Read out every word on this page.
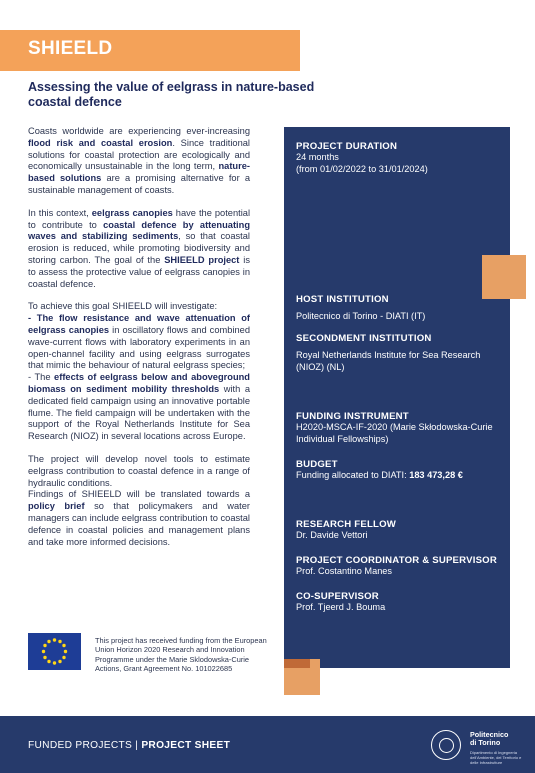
SHIEELD
Assessing the value of eelgrass in nature-based coastal defence

Coasts worldwide are experiencing ever-increasing flood risk and coastal erosion. Since traditional solutions for coastal protection are ecologically and economically unsustainable in the long term, nature-based solutions are a promising alternative for a sustainable management of coasts.

In this context, eelgrass canopies have the potential to contribute to coastal defence by attenuating waves and stabilizing sediments, so that coastal erosion is reduced, while promoting biodiversity and storing carbon. The goal of the SHIEELD project is to assess the protective value of eelgrass canopies in coastal defence.

To achieve this goal SHIEELD will investigate:

- The flow resistance and wave attenuation of eelgrass canopies in oscillatory flows and combined wave-current flows with laboratory experiments in an open-channel facility and using eelgrass surrogates that mimic the behaviour of natural eelgrass species;

- The effects of eelgrass below and aboveground biomass on sediment mobility thresholds with a dedicated field campaign using an innovative portable flume. The field campaign will be undertaken with the support of the Royal Netherlands Institute for Sea Research (NIOZ) in several locations across Europe.

The project will develop novel tools to estimate eelgrass contribution to coastal defence in a range of hydraulic conditions.

Findings of SHIEELD will be translated towards a policy brief so that policymakers and water managers can include eelgrass contribution to coastal defence in coastal policies and management plans and take more informed decisions.

PROJECT DURATION
24 months
(from 01/02/2022 to 31/01/2024)
HOST INSTITUTION
Politecnico di Torino - DIATI (IT)
SECONDMENT INSTITUTION
Royal Netherlands Institute for Sea Research (NIOZ) (NL)
FUNDING INSTRUMENT
H2020-MSCA-IF-2020 (Marie Skłodowska-Curie Individual Fellowships)
BUDGET
Funding allocated to DIATI: 183 473,28 €
RESEARCH FELLOW
Dr. Davide Vettori
PROJECT COORDINATOR & SUPERVISOR
Prof. Costantino Manes
CO-SUPERVISOR
Prof. Tjeerd J. Bouma
This project has received funding from the European Union Horizon 2020 Research and Innovation Programme under the Marie Sklodowska-Curie Actions, Grant Agreement No. 101022685
FUNDED PROJECTS | PROJECT SHEET
Politecnico
di Torino
Dipartimento di Ingegneria dell'Ambiente, del Territorio e delle Infrastrutture
